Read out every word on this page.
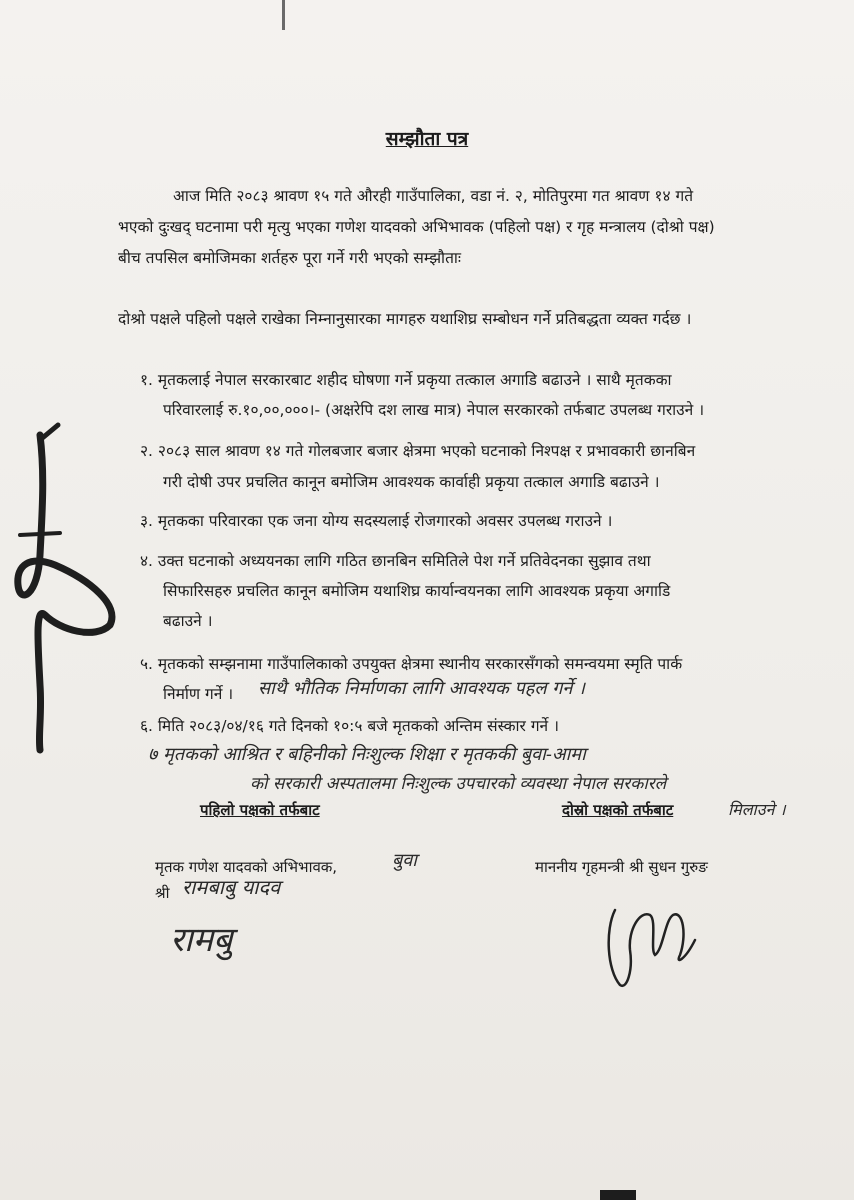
सम्झौता पत्र
आज मिति २०८३ श्रावण १५ गते औरही गाउँपालिका, वडा नं. २, मोतिपुरमा गत श्रावण १४ गते
भएको दुःखद् घटनामा परी मृत्यु भएका गणेश यादवको अभिभावक (पहिलो पक्ष) र गृह मन्त्रालय (दोश्रो पक्ष)
बीच तपसिल बमोजिमका शर्तहरु पूरा गर्ने गरी भएको सम्झौताः
दोश्रो पक्षले पहिलो पक्षले राखेका निम्नानुसारका मागहरु यथाशिघ्र सम्बोधन गर्ने प्रतिबद्धता व्यक्त गर्दछ ।
१. मृतकलाई नेपाल सरकारबाट शहीद घोषणा गर्ने प्रकृया तत्काल अगाडि बढाउने । साथै मृतकका
परिवारलाई रु.१०,००,०००।- (अक्षरेपि दश लाख मात्र) नेपाल सरकारको तर्फबाट उपलब्ध गराउने ।
२. २०८३ साल श्रावण १४ गते गोलबजार बजार क्षेत्रमा भएको घटनाको निश्पक्ष र प्रभावकारी छानबिन
गरी दोषी उपर प्रचलित कानून बमोजिम आवश्यक कार्वाही प्रकृया तत्काल अगाडि बढाउने ।
३. मृतकका परिवारका एक जना योग्य सदस्यलाई रोजगारको अवसर उपलब्ध गराउने ।
४. उक्त घटनाको अध्ययनका लागि गठित छानबिन समितिले पेश गर्ने प्रतिवेदनका सुझाव तथा
सिफारिसहरु प्रचलित कानून बमोजिम यथाशिघ्र कार्यान्वयनका लागि आवश्यक प्रकृया अगाडि
बढाउने ।
५. मृतकको सम्झनामा गाउँपालिकाको उपयुक्त क्षेत्रमा स्थानीय सरकारसँगको समन्वयमा स्मृति पार्क
निर्माण गर्ने । साथै भौतिक निर्माणका लागि आवश्यक पहल गर्ने ।
६. मिति २०८३/०४/१६ गते दिनको १०:५ बजे मृतकको अन्तिम संस्कार गर्ने ।
७ मृतकको आश्रित र बहिनीको निःशुल्क शिक्षा र मृतककी बुवा-आमा
को सरकारी अस्पतालमा निःशुल्क उपचारको व्यवस्था नेपाल सरकारले
मिलाउने ।
पहिलो पक्षको तर्फबाट	दोस्रो पक्षको तर्फबाट
मृतक गणेश यादवको अभिभावक,	बुवा	माननीय गृहमन्त्री श्री सुधन गुरुङ
श्री रामबाबु यादव
रामबु
